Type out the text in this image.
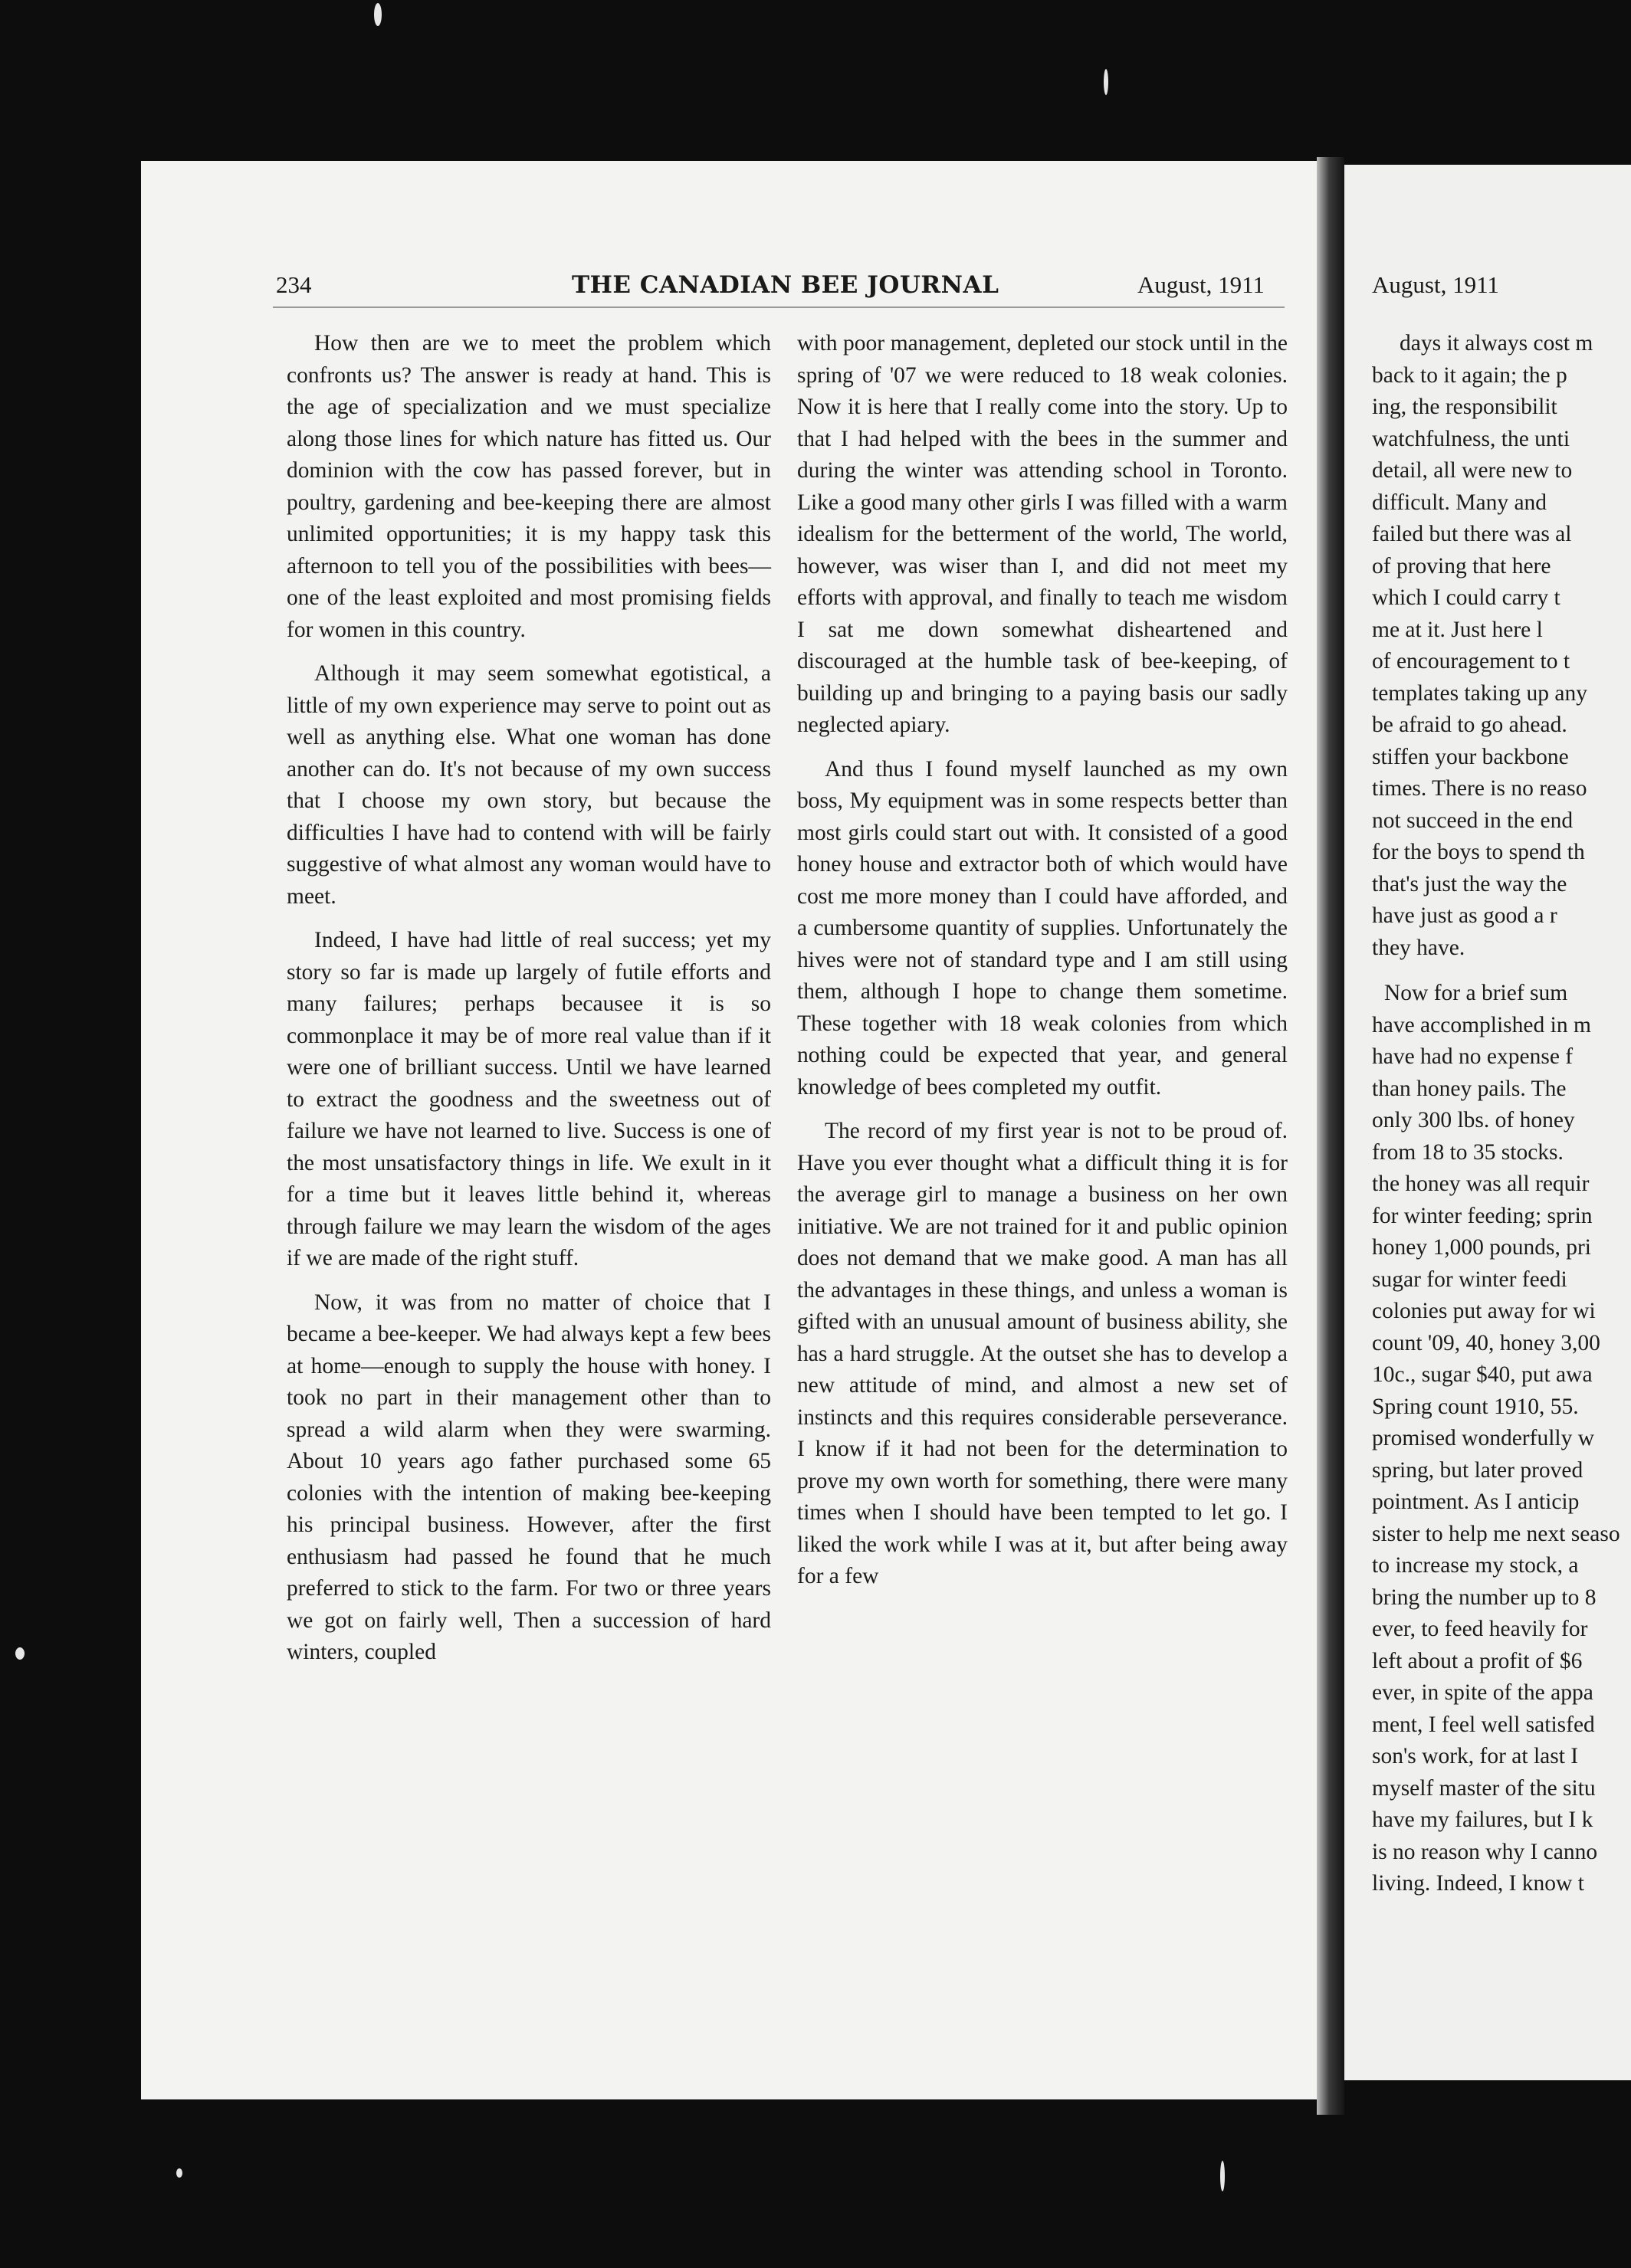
234	THE CANADIAN BEE JOURNAL	August, 1911	August, 1911

How then are we to meet the problem which confronts us? The answer is ready at hand. This is the age of specialization and we must specialize along those lines for which nature has fitted us. Our dominion with the cow has passed forever, but in poultry, gardening and bee-keeping there are almost unlimited opportunities; it is my happy task this afternoon to tell you of the possibilities with bees—one of the least exploited and most promising fields for women in this country.

Although it may seem somewhat egotistical, a little of my own experience may serve to point out as well as anything else. What one woman has done another can do. It's not because of my own success that I choose my own story, but because the difficulties I have had to contend with will be fairly suggestive of what almost any woman would have to meet.

Indeed, I have had little of real success; yet my story so far is made up largely of futile efforts and many failures; perhaps becausee it is so commonplace it may be of more real value than if it were one of brilliant success. Until we have learned to extract the goodness and the sweetness out of failure we have not learned to live. Success is one of the most unsatisfactory things in life. We exult in it for a time but it leaves little behind it, whereas through failure we may learn the wisdom of the ages if we are made of the right stuff.

Now, it was from no matter of choice that I became a bee-keeper. We had always kept a few bees at home—enough to supply the house with honey. I took no part in their management other than to spread a wild alarm when they were swarming. About 10 years ago father purchased some 65 colonies with the intention of making bee-keeping his principal business. However, after the first enthusiasm had passed he found that he much preferred to stick to the farm. For two or three years we got on fairly well, Then a succession of hard winters, coupled

with poor management, depleted our stock until in the spring of '07 we were reduced to 18 weak colonies. Now it is here that I really come into the story. Up to that I had helped with the bees in the summer and during the winter was attending school in Toronto. Like a good many other girls I was filled with a warm idealism for the betterment of the world, The world, however, was wiser than I, and did not meet my efforts with approval, and finally to teach me wisdom I sat me down somewhat disheartened and discouraged at the humble task of bee-keeping, of building up and bringing to a paying basis our sadly neglected apiary.

And thus I found myself launched as my own boss, My equipment was in some respects better than most girls could start out with. It consisted of a good honey house and extractor both of which would have cost me more money than I could have afforded, and a cumbersome quantity of supplies. Unfortunately the hives were not of standard type and I am still using them, although I hope to change them sometime. These together with 18 weak colonies from which nothing could be expected that year, and general knowledge of bees completed my outfit.

The record of my first year is not to be proud of. Have you ever thought what a difficult thing it is for the average girl to manage a business on her own initiative. We are not trained for it and public opinion does not demand that we make good. A man has all the advantages in these things, and unless a woman is gifted with an unusual amount of business ability, she has a hard struggle. At the outset she has to develop a new attitude of mind, and almost a new set of instincts and this requires considerable perseverance. I know if it had not been for the determination to prove my own worth for something, there were many times when I should have been tempted to let go. I liked the work while I was at it, but after being away for a few

days it always cost m
back to it again; the p
ing, the responsibilit
watchfulness, the unti
detail, all were new to
difficult. Many and
failed but there was al
of proving that here
which I could carry t
me at it. Just here l
of encouragement to t
templates taking up any
be afraid to go ahead.
stiffen your backbone
times. There is no reaso
not succeed in the end
for the boys to spend th
that's just the way the
have just as good a r
they have.

Now for a brief sum
have accomplished in m
have had no expense f
than honey pails. The
only 300 lbs. of honey
from 18 to 35 stocks.
the honey was all requir
for winter feeding; sprin
honey 1,000 pounds, pri
sugar for winter feedi
colonies put away for wi
count '09, 40, honey 3,00
10c., sugar $40, put awa
Spring count 1910, 55.
promised wonderfully w
spring, but later proved
pointment. As I anticip
sister to help me next seaso
to increase my stock, a
bring the number up to 8
ever, to feed heavily for
left about a profit of $6
ever, in spite of the appa
ment, I feel well satisfed
son's work, for at last I
myself master of the situ
have my failures, but I k
is no reason why I canno
living. Indeed, I know t
